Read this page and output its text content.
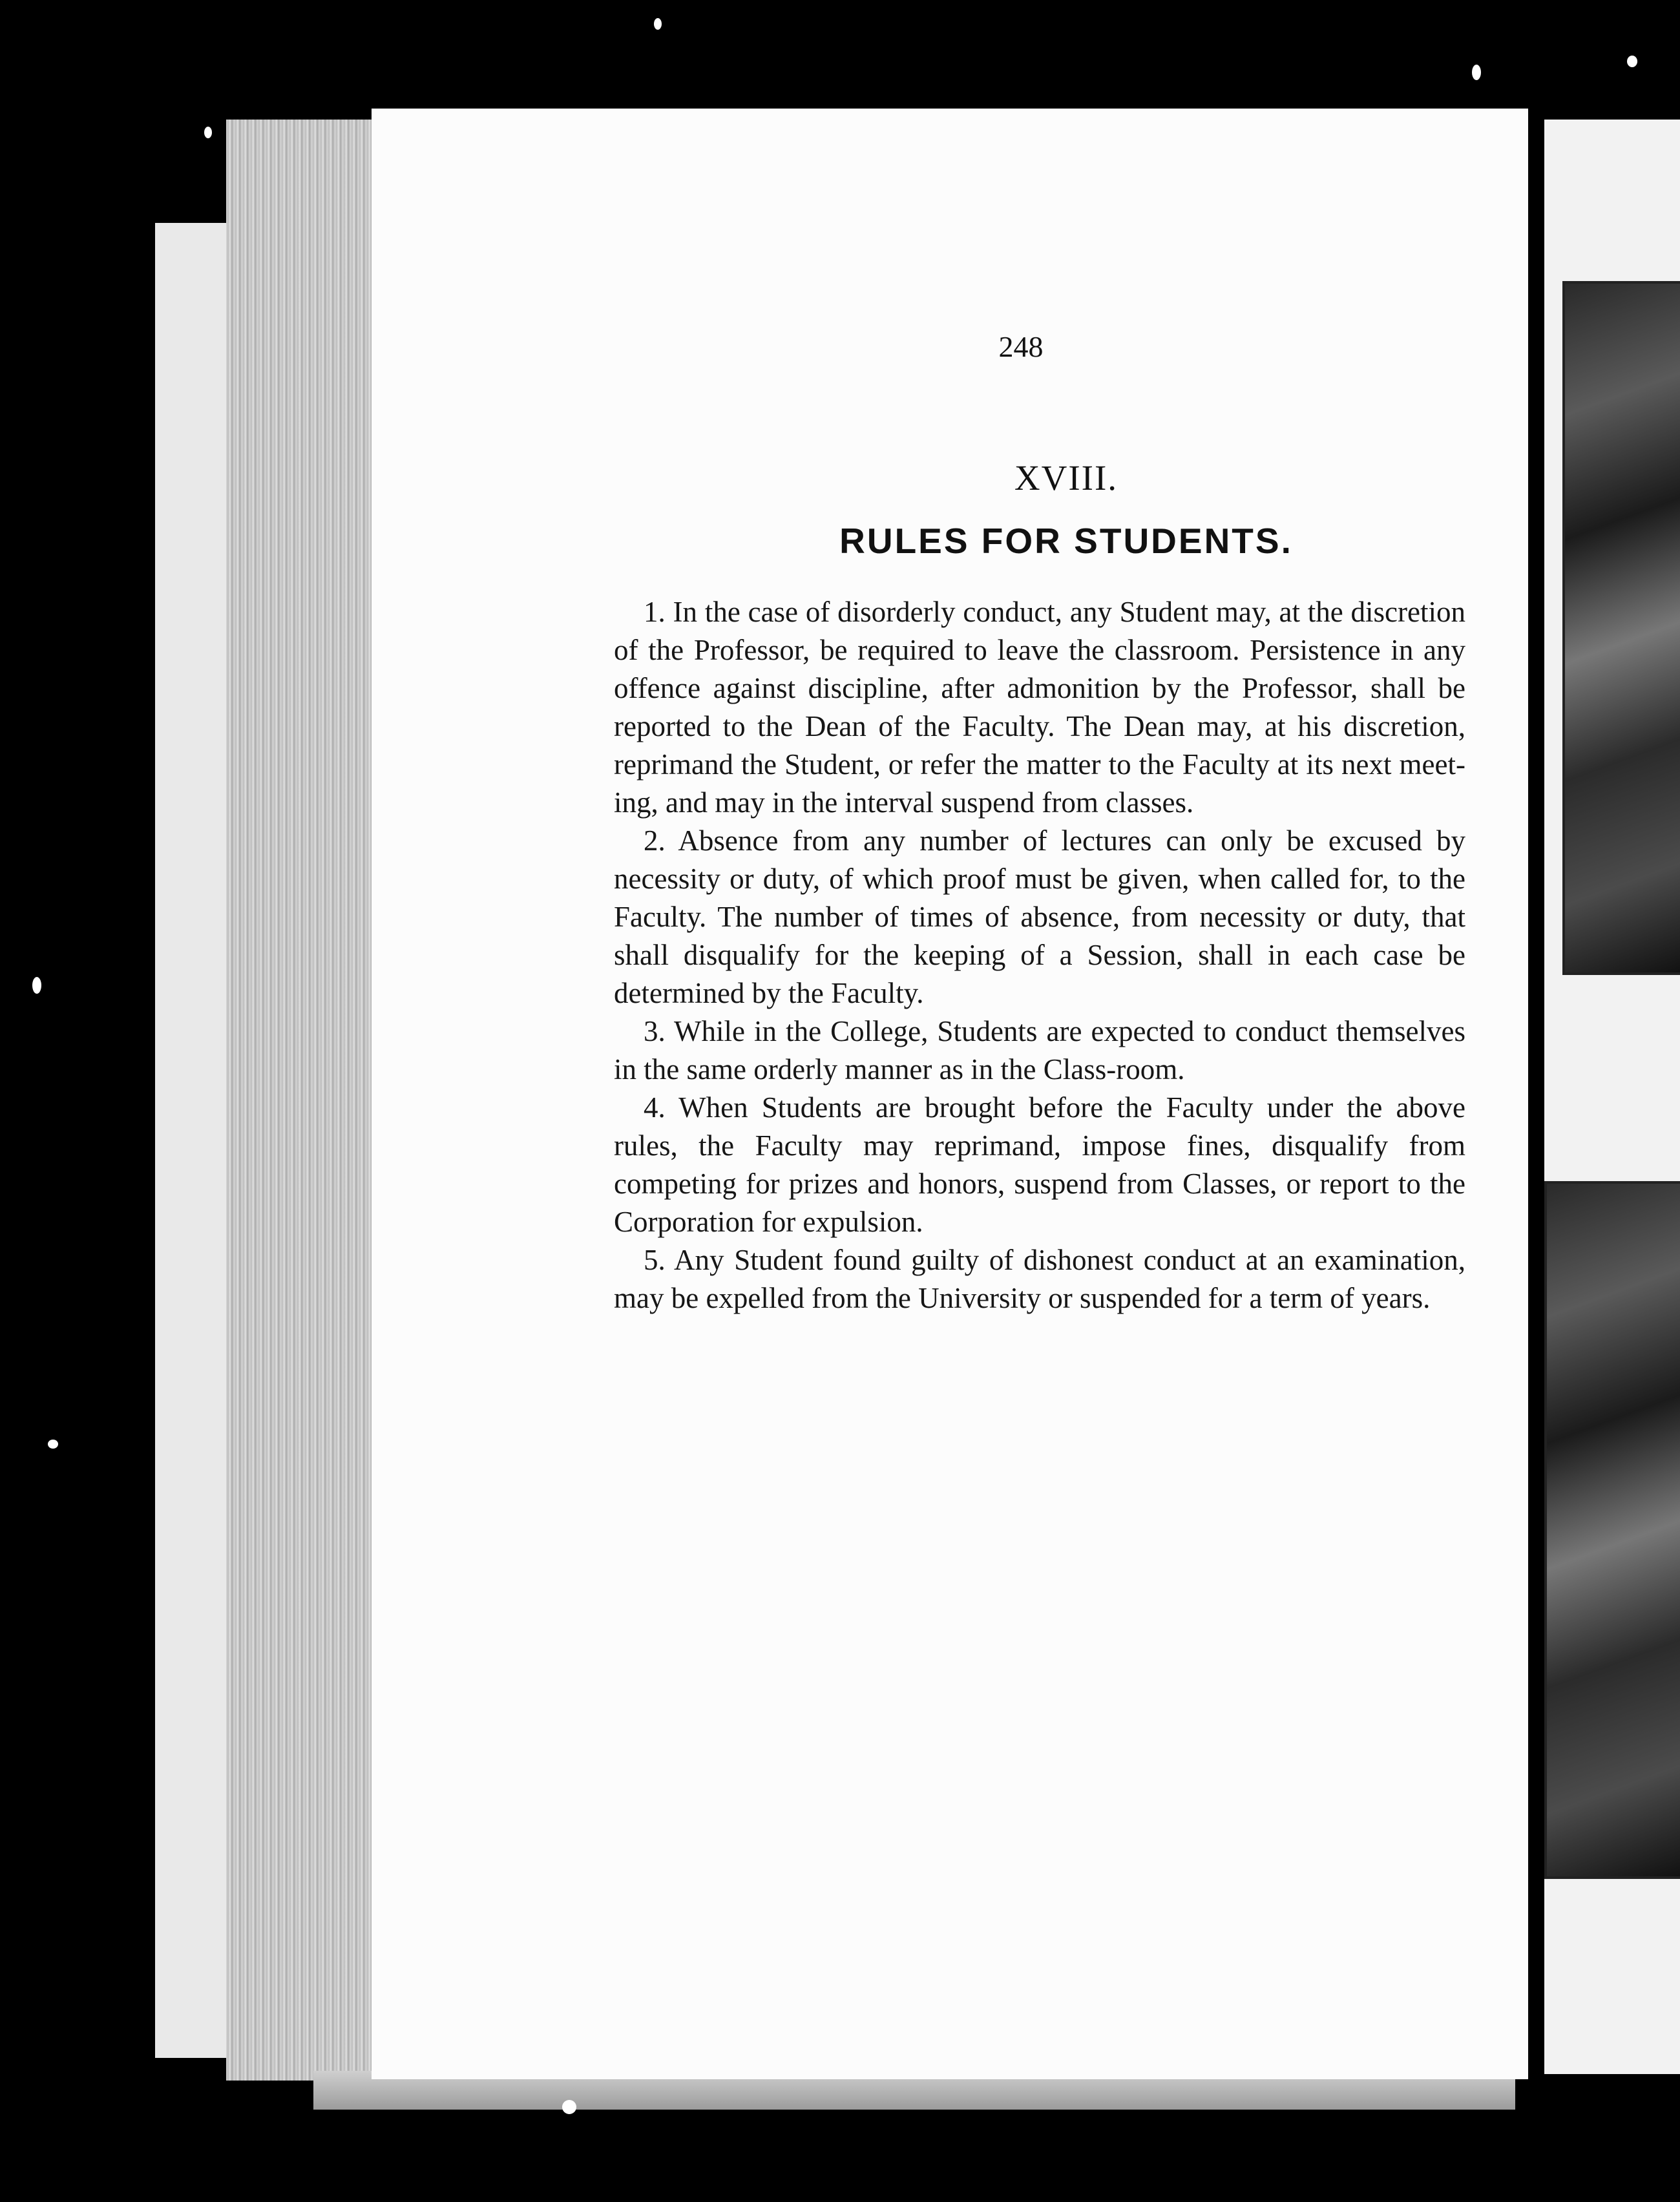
248
XVIII.
RULES FOR STUDENTS.

1. In the case of disorderly conduct, any Student may, at the discretion of the Professor, be required to leave the classroom. Persistence in any offence against discipline, after admonition by the Professor, shall be reported to the Dean of the Faculty. The Dean may, at his discretion, reprimand the Student, or refer the matter to the Faculty at its next meeting, and may in the interval suspend from classes.

2. Absence from any number of lectures can only be excused by necessity or duty, of which proof must be given, when called for, to the Faculty. The number of times of absence, from necessity or duty, that shall disqualify for the keeping of a Session, shall in each case be determined by the Faculty.

3. While in the College, Students are expected to conduct themselves in the same orderly manner as in the Class-room.

4. When Students are brought before the Faculty under the above rules, the Faculty may reprimand, impose fines, disqualify from competing for prizes and honors, suspend from Classes, or report to the Corporation for expulsion.

5. Any Student found guilty of dishonest conduct at an examination, may be expelled from the University or suspended for a term of years.
